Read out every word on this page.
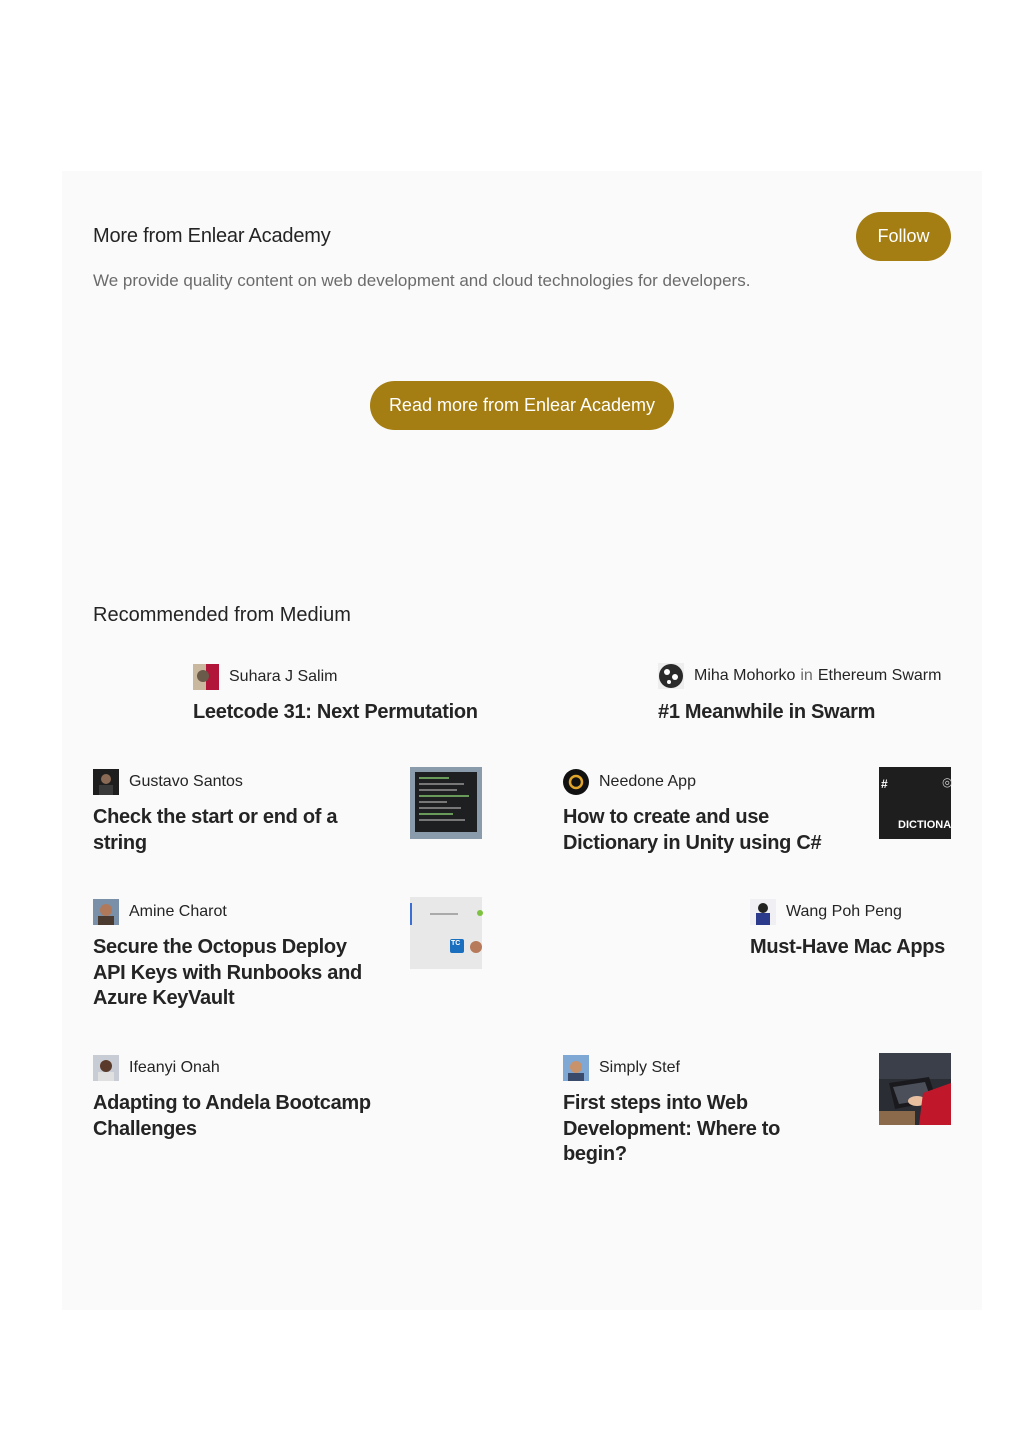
More from Enlear Academy	Follow
We provide quality content on web development and cloud technologies for developers.
Read more from Enlear Academy
Recommended from Medium
Suhara J Salim
Leetcode 31: Next Permutation
Miha Mohorko in Ethereum Swarm
#1 Meanwhile in Swarm
Gustavo Santos
Check the start or end of a string
Needone App
How to create and use Dictionary in Unity using C#
#	◎
DICTIONA
Amine Charot
Secure the Octopus Deploy API Keys with Runbooks and Azure KeyVault
TC
Wang Poh Peng
Must-Have Mac Apps
Ifeanyi Onah
Adapting to Andela Bootcamp Challenges
Simply Stef
First steps into Web Development: Where to begin?
